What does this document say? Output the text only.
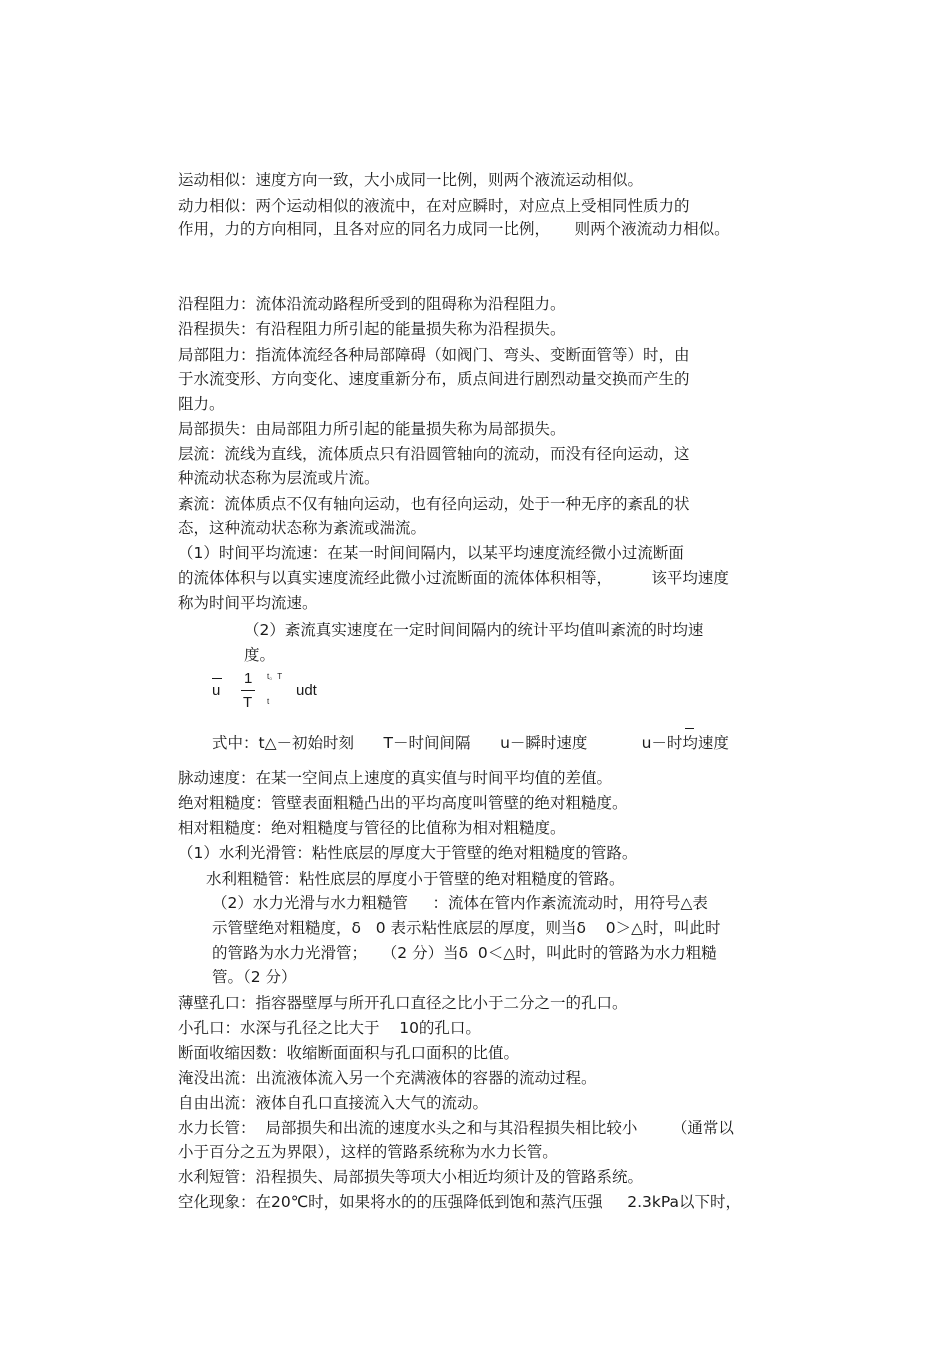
运动相似：速度方向一致，大小成同一比例，则两个液流运动相似。
动力相似：两个运动相似的液流中，在对应瞬时，对应点上受相同性质力的
作用，力的方向相同，且各对应的同名力成同一比例，     则两个液流动力相似。
沿程阻力：流体沿流动路程所受到的阻碍称为沿程阻力。
沿程损失：有沿程阻力所引起的能量损失称为沿程损失。
局部阻力：指流体流经各种局部障碍（如阀门、弯头、变断面管等）时，由
于水流变形、方向变化、速度重新分布，质点间进行剧烈动量交换而产生的
阻力。
局部损失：由局部阻力所引起的能量损失称为局部损失。
层流：流线为直线，流体质点只有沿圆管轴向的流动，而没有径向运动，这
种流动状态称为层流或片流。
紊流：流体质点不仅有轴向运动，也有径向运动，处于一种无序的紊乱的状
态，这种流动状态称为紊流或湍流。
（1）时间平均流速：在某一时间间隔内，以某平均速度流经微小过流断面
的流体体积与以真实速度流经此微小过流断面的流体体积相等，        该平均速度
称为时间平均流速。
（2）紊流真实速度在一定时间间隔内的统计平均值叫紊流的时均速
度。
u
1
T
t。T
t
udt
式中：t△－初始时刻      T－时间间隔      u－瞬时速度           u－时均速度
脉动速度：在某一空间点上速度的真实值与时间平均值的差值。
绝对粗糙度：管壁表面粗糙凸出的平均高度叫管壁的绝对粗糙度。
相对粗糙度：绝对粗糙度与管径的比值称为相对粗糙度。
（1）水利光滑管：粘性底层的厚度大于管壁的绝对粗糙度的管路。
水利粗糙管：粘性底层的厚度小于管壁的绝对粗糙度的管路。
（2）水力光滑与水力粗糙管     ：流体在管内作紊流流动时，用符号△表
示管壁绝对粗糙度，δ   0 表示粘性底层的厚度，则当δ    0＞△时，叫此时
的管路为水力光滑管；   （2 分）当δ  0＜△时，叫此时的管路为水力粗糙
管。（2 分）
薄壁孔口：指容器壁厚与所开孔口直径之比小于二分之一的孔口。
小孔口：水深与孔径之比大于    10的孔口。
断面收缩因数：收缩断面面积与孔口面积的比值。
淹没出流：出流液体流入另一个充满液体的容器的流动过程。
自由出流：液体自孔口直接流入大气的流动。
水力长管：  局部损失和出流的速度水头之和与其沿程损失相比较小       （通常以
小于百分之五为界限），这样的管路系统称为水力长管。
水利短管：沿程损失、局部损失等项大小相近均须计及的管路系统。
空化现象：在20℃时，如果将水的的压强降低到饱和蒸汽压强     2.3kPa以下时，
